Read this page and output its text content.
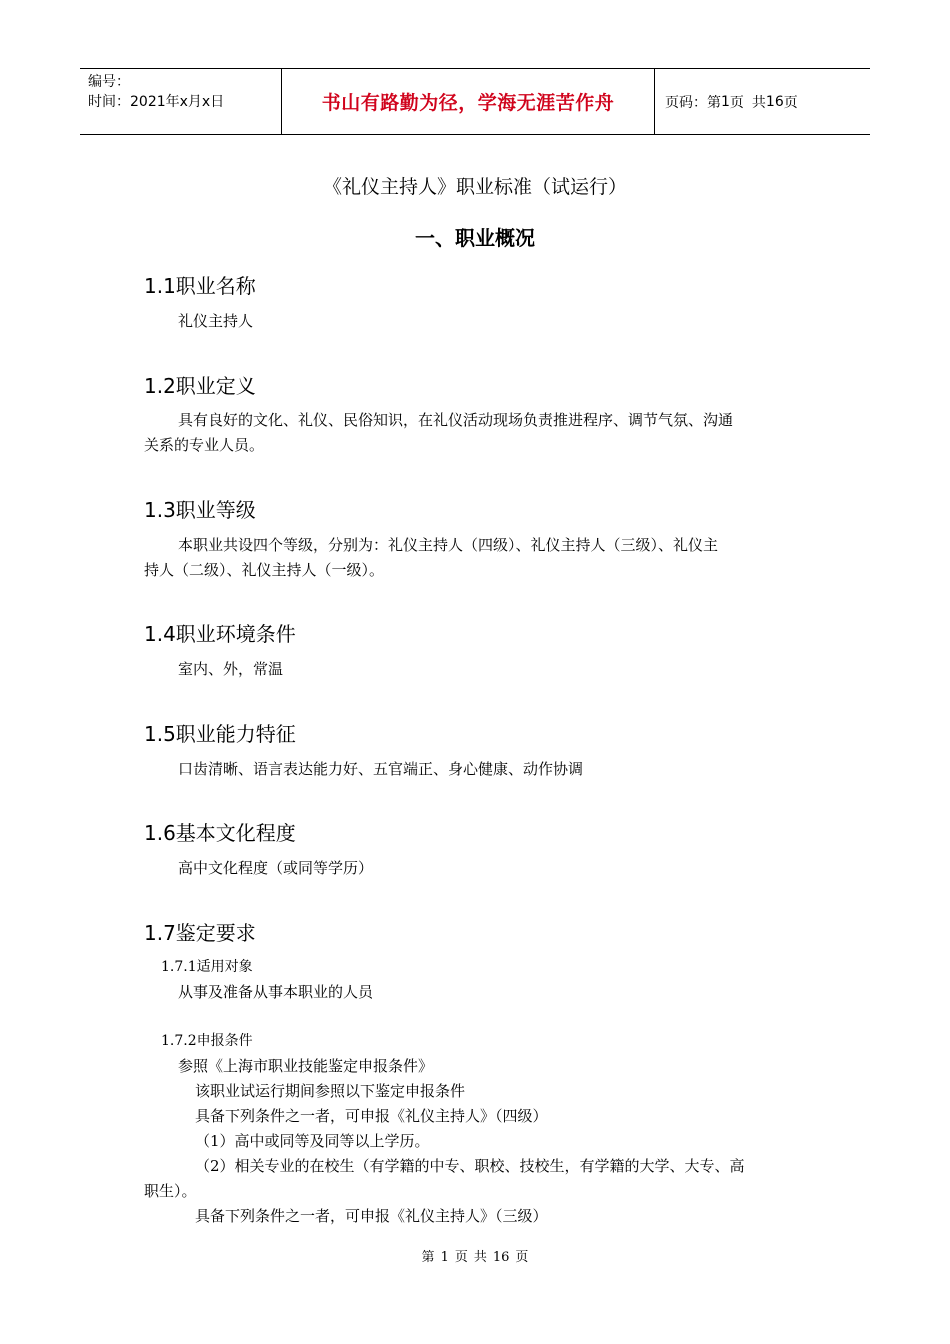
编号：
时间：2021年x月x日	书山有路勤为径，学海无涯苦作舟	页码：第 1 页 共 16 页
《礼仪主持人》职业标准（试运行）
一、职业概况
1.1职业名称
礼仪主持人
1.2职业定义
具有良好的文化、礼仪、民俗知识，在礼仪活动现场负责推进程序、调节气氛、沟通
关系的专业人员。
1.3职业等级
本职业共设四个等级，分别为：礼仪主持人（四级）、礼仪主持人（三级）、礼仪主
持人（二级）、礼仪主持人（一级）。
1.4职业环境条件
室内、外，常温
1.5职业能力特征
口齿清晰、语言表达能力好、五官端正、身心健康、动作协调
1.6基本文化程度
高中文化程度（或同等学历）
1.7鉴定要求
1.7.1适用对象
从事及准备从事本职业的人员
1.7.2申报条件
参照《上海市职业技能鉴定申报条件》
该职业试运行期间参照以下鉴定申报条件
具备下列条件之一者，可申报《礼仪主持人》（四级）
（1）高中或同等及同等以上学历。
（2）相关专业的在校生（有学籍的中专、职校、技校生，有学籍的大学、大专、高
职生）。
具备下列条件之一者，可申报《礼仪主持人》（三级）
第 1 页 共 16 页
